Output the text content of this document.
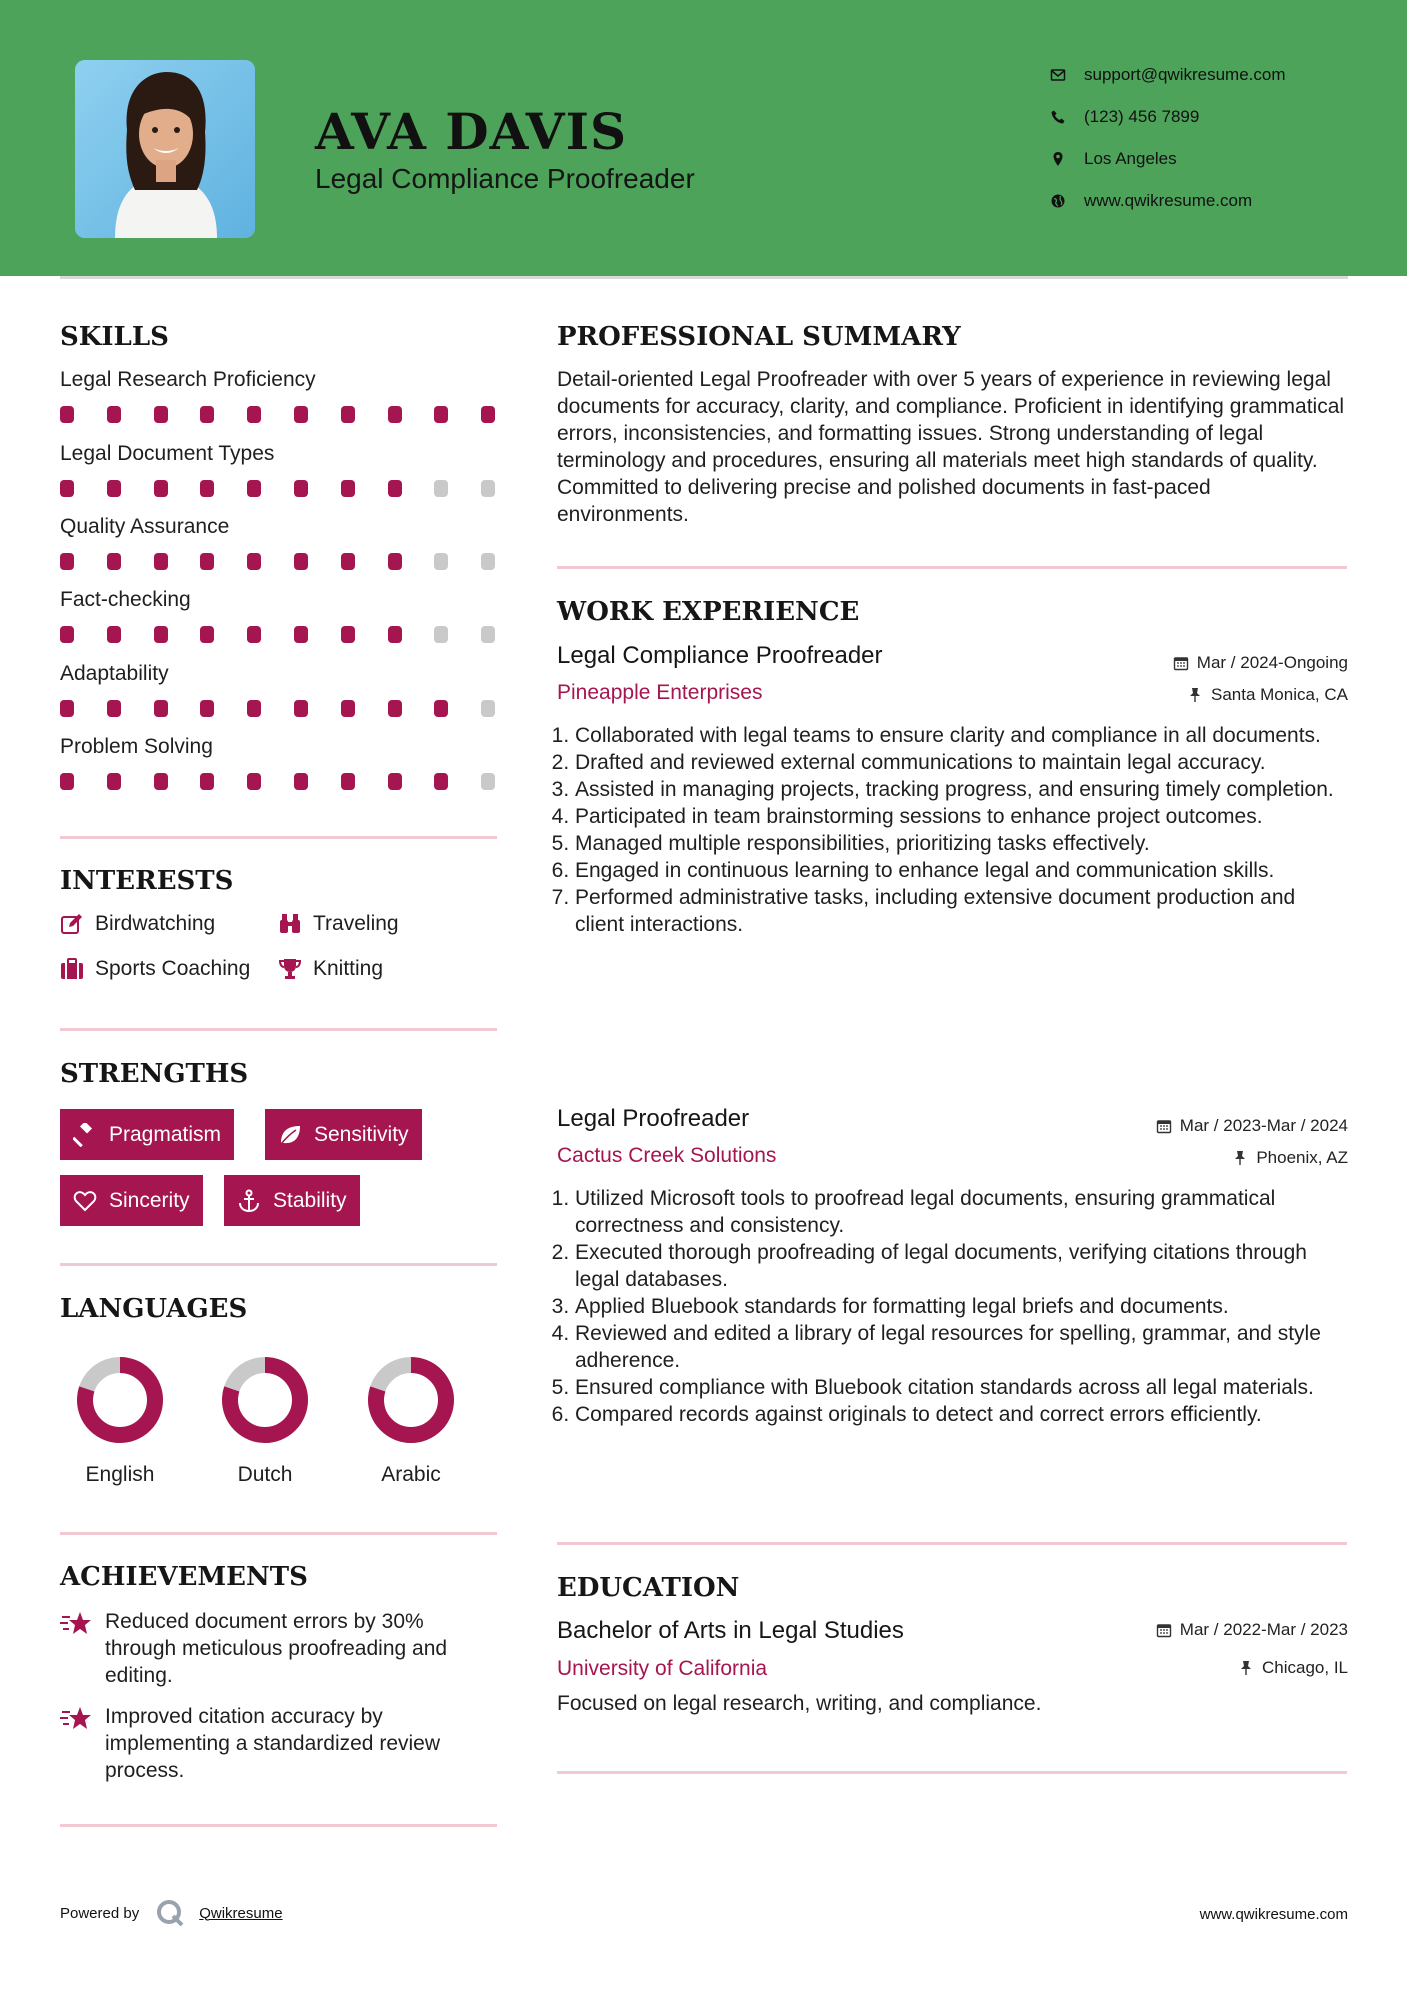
AVA DAVIS
Legal Compliance Proofreader
support@qwikresume.com
(123) 456 7899
Los Angeles
www.qwikresume.com
SKILLS
Legal Research Proficiency
Legal Document Types
Quality Assurance
Fact-checking
Adaptability
Problem Solving
INTERESTS
Birdwatching	Traveling
Sports Coaching	Knitting
STRENGTHS
Pragmatism	Sensitivity
Sincerity	Stability
LANGUAGES
English	Dutch	Arabic
ACHIEVEMENTS

Reduced document errors by 30% through meticulous proofreading and editing.

Improved citation accuracy by implementing a standardized review process.

PROFESSIONAL SUMMARY
Detail-oriented Legal Proofreader with over 5 years of experience in reviewing legal documents for accuracy, clarity, and compliance. Proficient in identifying grammatical errors, inconsistencies, and formatting issues. Strong understanding of legal terminology and procedures, ensuring all materials meet high standards of quality. Committed to delivering precise and polished documents in fast-paced environments.
WORK EXPERIENCE
Legal Compliance Proofreader	Mar / 2024-Ongoing
Pineapple Enterprises	Santa Monica, CA
1. Collaborated with legal teams to ensure clarity and compliance in all documents.
2. Drafted and reviewed external communications to maintain legal accuracy.
3. Assisted in managing projects, tracking progress, and ensuring timely completion.
4. Participated in team brainstorming sessions to enhance project outcomes.
5. Managed multiple responsibilities, prioritizing tasks effectively.
6. Engaged in continuous learning to enhance legal and communication skills.
7. Performed administrative tasks, including extensive document production and client interactions.
Legal Proofreader	Mar / 2023-Mar / 2024
Cactus Creek Solutions	Phoenix, AZ
1. Utilized Microsoft tools to proofread legal documents, ensuring grammatical correctness and consistency.
2. Executed thorough proofreading of legal documents, verifying citations through legal databases.
3. Applied Bluebook standards for formatting legal briefs and documents.
4. Reviewed and edited a library of legal resources for spelling, grammar, and style adherence.
5. Ensured compliance with Bluebook citation standards across all legal materials.
6. Compared records against originals to detect and correct errors efficiently.
EDUCATION
Bachelor of Arts in Legal Studies	Mar / 2022-Mar / 2023
University of California	Chicago, IL
Focused on legal research, writing, and compliance.
Powered by	Qwikresume	www.qwikresume.com
